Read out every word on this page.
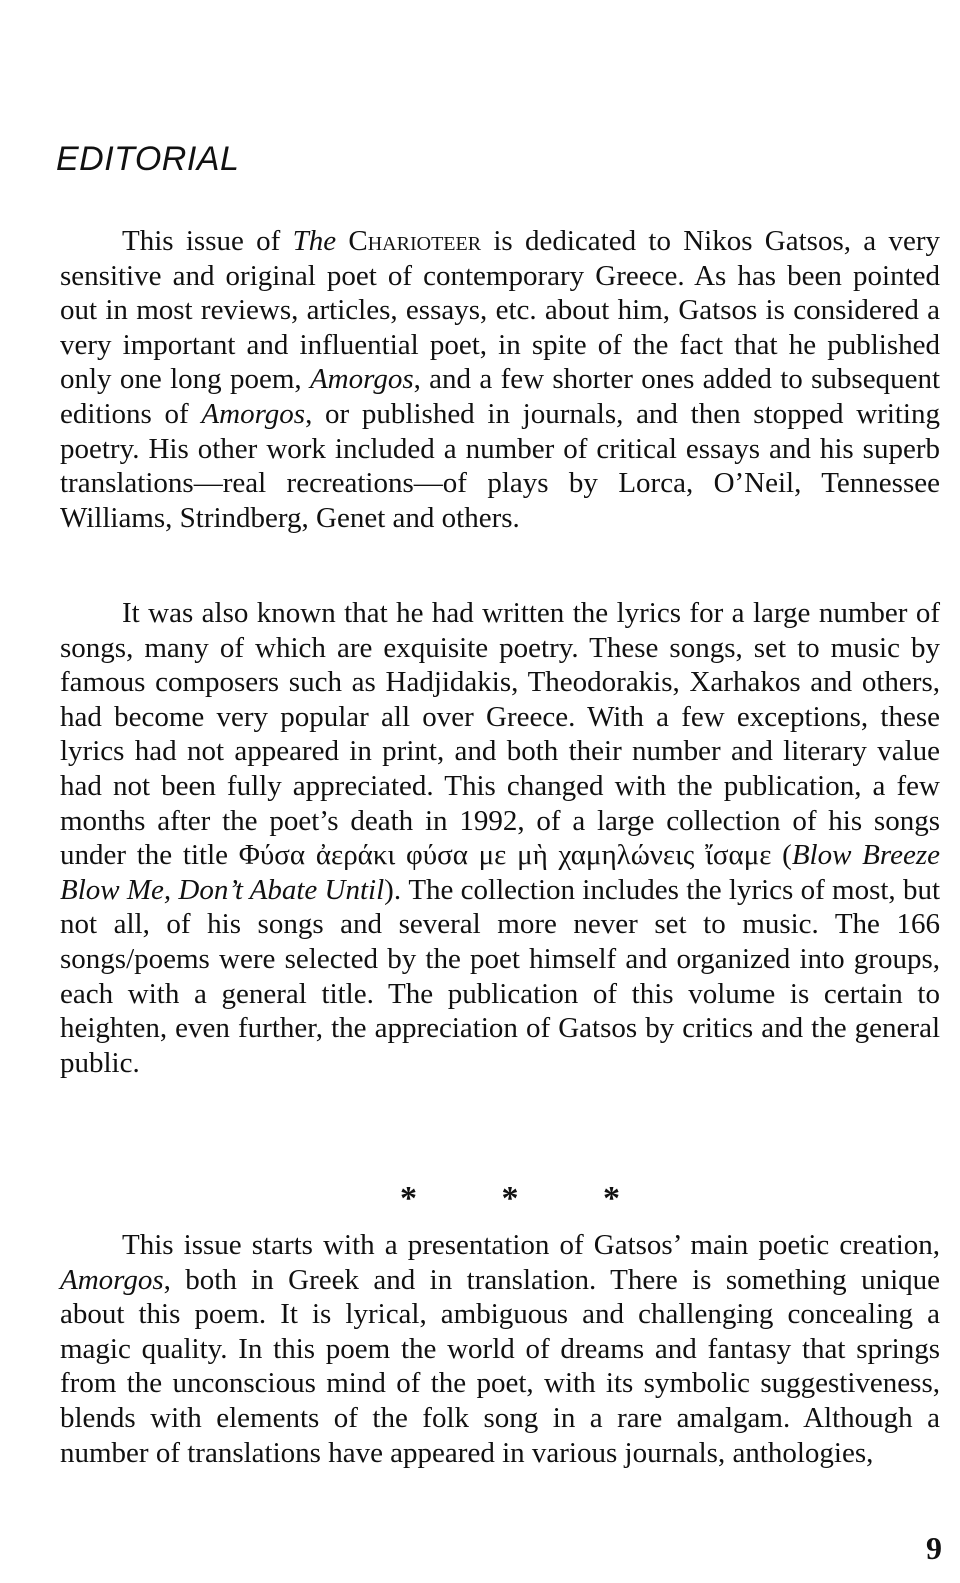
EDITORIAL

This issue of The Charioteer is dedicated to Nikos Gatsos, a very sensitive and original poet of contemporary Greece. As has been pointed out in most reviews, articles, essays, etc. about him, Gatsos is considered a very important and influential poet, in spite of the fact that he published only one long poem, Amorgos, and a few shorter ones added to subsequent editions of Amorgos, or published in journals, and then stopped writing poetry. His other work included a number of critical essays and his superb translations—real recreations—of plays by Lorca, O’Neil, Tennessee Williams, Strindberg, Genet and others.

It was also known that he had written the lyrics for a large number of songs, many of which are exquisite poetry. These songs, set to music by famous composers such as Hadjidakis, Theodorakis, Xarhakos and others, had become very popular all over Greece. With a few exceptions, these lyrics had not appeared in print, and both their number and literary value had not been fully appreciated. This changed with the publication, a few months after the poet’s death in 1992, of a large collection of his songs under the title Φύσα ἀεράκι φύσα με μὴ χαμηλώνεις ἴσαμε (Blow Breeze Blow Me, Don’t Abate Until). The collection includes the lyrics of most, but not all, of his songs and several more never set to music. The 166 songs/poems were selected by the poet himself and organized into groups, each with a general title. The publication of this volume is certain to heighten, even further, the appreciation of Gatsos by critics and the general public.

* * *

This issue starts with a presentation of Gatsos’ main poetic creation, Amorgos, both in Greek and in translation. There is something unique about this poem. It is lyrical, ambiguous and challenging concealing a magic quality. In this poem the world of dreams and fantasy that springs from the unconscious mind of the poet, with its symbolic suggestiveness, blends with elements of the folk song in a rare amalgam. Although a number of translations have appeared in various journals, anthologies,

9
